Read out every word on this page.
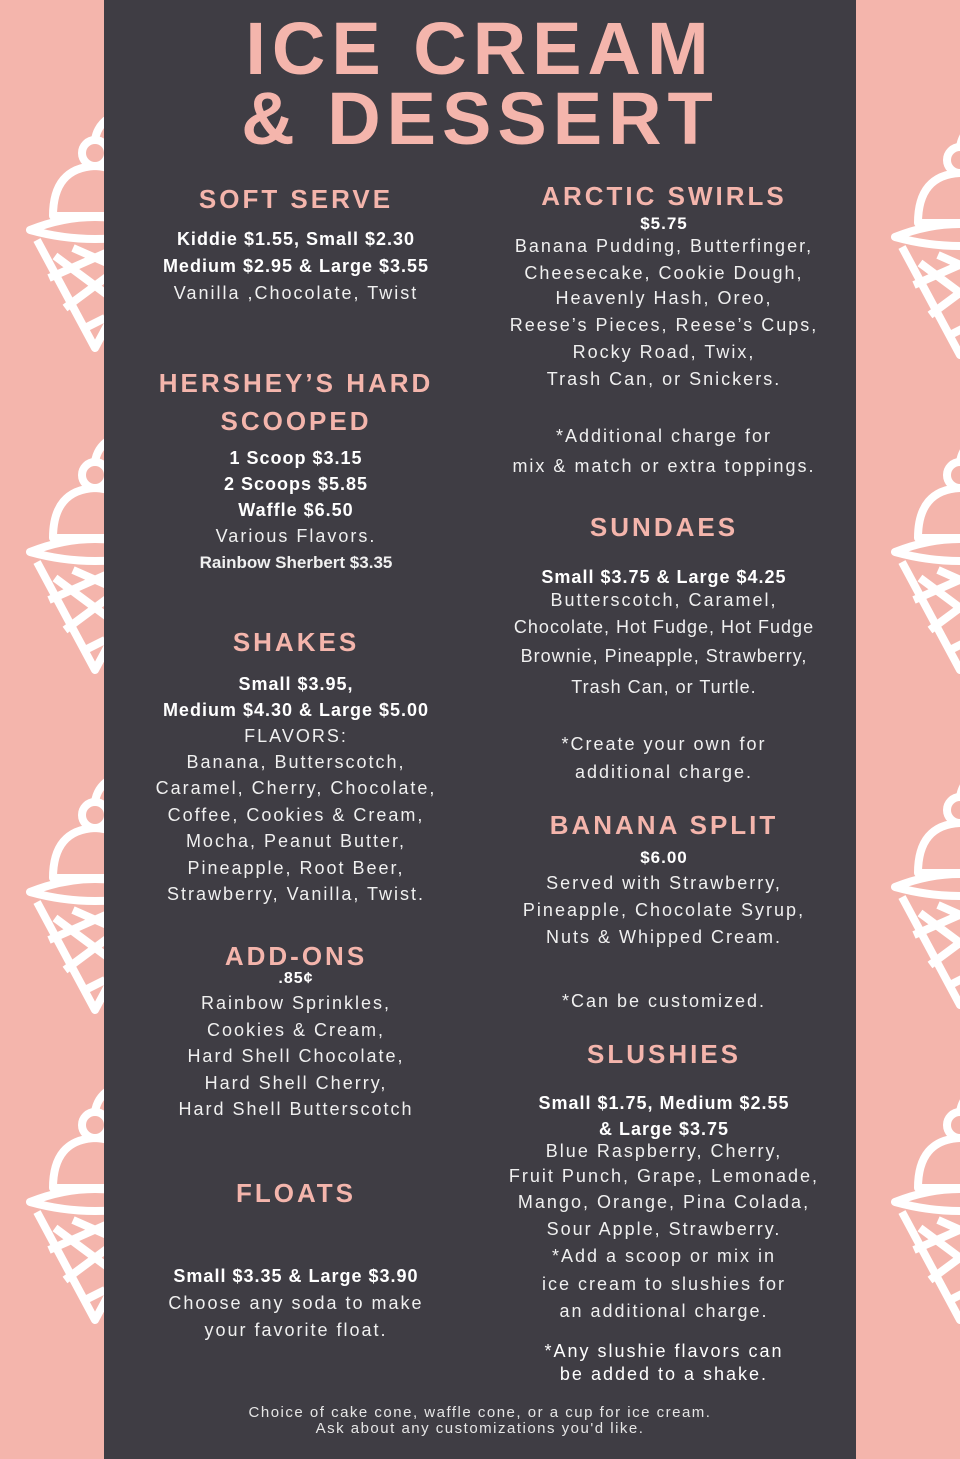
ICE CREAM
& DESSERT
SOFT SERVE
Kiddie $1.55, Small $2.30
Medium $2.95 & Large $3.55
Vanilla ,Chocolate, Twist
HERSHEY’S HARD
SCOOPED
1 Scoop $3.15
2 Scoops $5.85
Waffle $6.50
Various Flavors.
Rainbow Sherbert $3.35
SHAKES
Small $3.95,
Medium $4.30 & Large $5.00
FLAVORS:
Banana, Butterscotch,
Caramel, Cherry, Chocolate,
Coffee, Cookies & Cream,
Mocha, Peanut Butter,
Pineapple, Root Beer,
Strawberry, Vanilla, Twist.
ADD-ONS
.85¢
Rainbow Sprinkles,
Cookies & Cream,
Hard Shell Chocolate,
Hard Shell Cherry,
Hard Shell Butterscotch
FLOATS
Small $3.35 & Large $3.90
Choose any soda to make
your favorite float.
ARCTIC SWIRLS
$5.75
Banana Pudding, Butterfinger,
Cheesecake, Cookie Dough,
Heavenly Hash, Oreo,
Reese’s Pieces, Reese’s Cups,
Rocky Road, Twix,
Trash Can, or Snickers.
*Additional charge for
mix & match or extra toppings.
SUNDAES
Small $3.75 & Large $4.25
Butterscotch, Caramel,
Chocolate, Hot Fudge, Hot Fudge
Brownie, Pineapple, Strawberry,
Trash Can, or Turtle.
*Create your own for
additional charge.
BANANA SPLIT
$6.00
Served with Strawberry,
Pineapple, Chocolate Syrup,
Nuts & Whipped Cream.
*Can be customized.
SLUSHIES
Small $1.75, Medium $2.55
& Large $3.75
Blue Raspberry, Cherry,
Fruit Punch, Grape, Lemonade,
Mango, Orange, Pina Colada,
Sour Apple, Strawberry.
*Add a scoop or mix in
ice cream to slushies for
an additional charge.
*Any slushie flavors can
be added to a shake.
Choice of cake cone, waffle cone, or a cup for ice cream.
Ask about any customizations you'd like.
